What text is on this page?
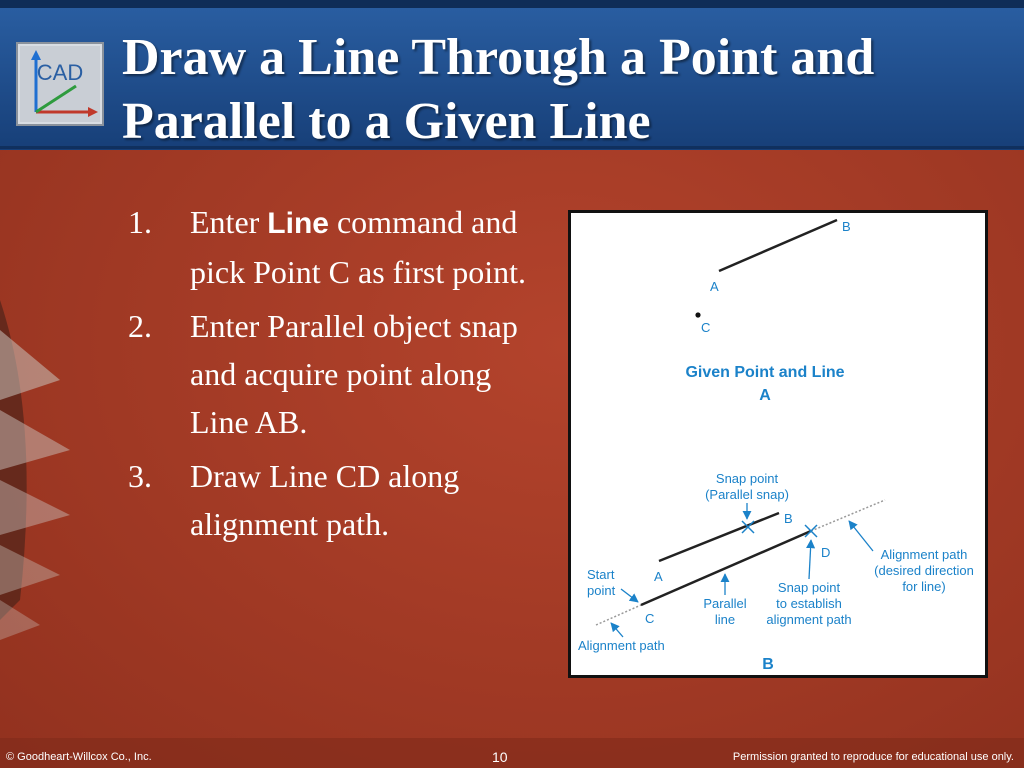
CAD Draw a Line Through a Point and
Parallel to a Given Line
1. Enter Line command and pick Point C as first point.
2. Enter Parallel object snap and acquire point along Line AB.
3. Draw Line CD along alignment path.
B
A
C
Given Point and Line
A
Snap point
(Parallel snap)
B
D
A
C
Start
point
Parallel
line
Snap point
to establish
alignment path
Alignment path
(desired direction
for line)
Alignment path
B
© Goodheart-Willcox Co., Inc.	10	Permission granted to reproduce for educational use only.
